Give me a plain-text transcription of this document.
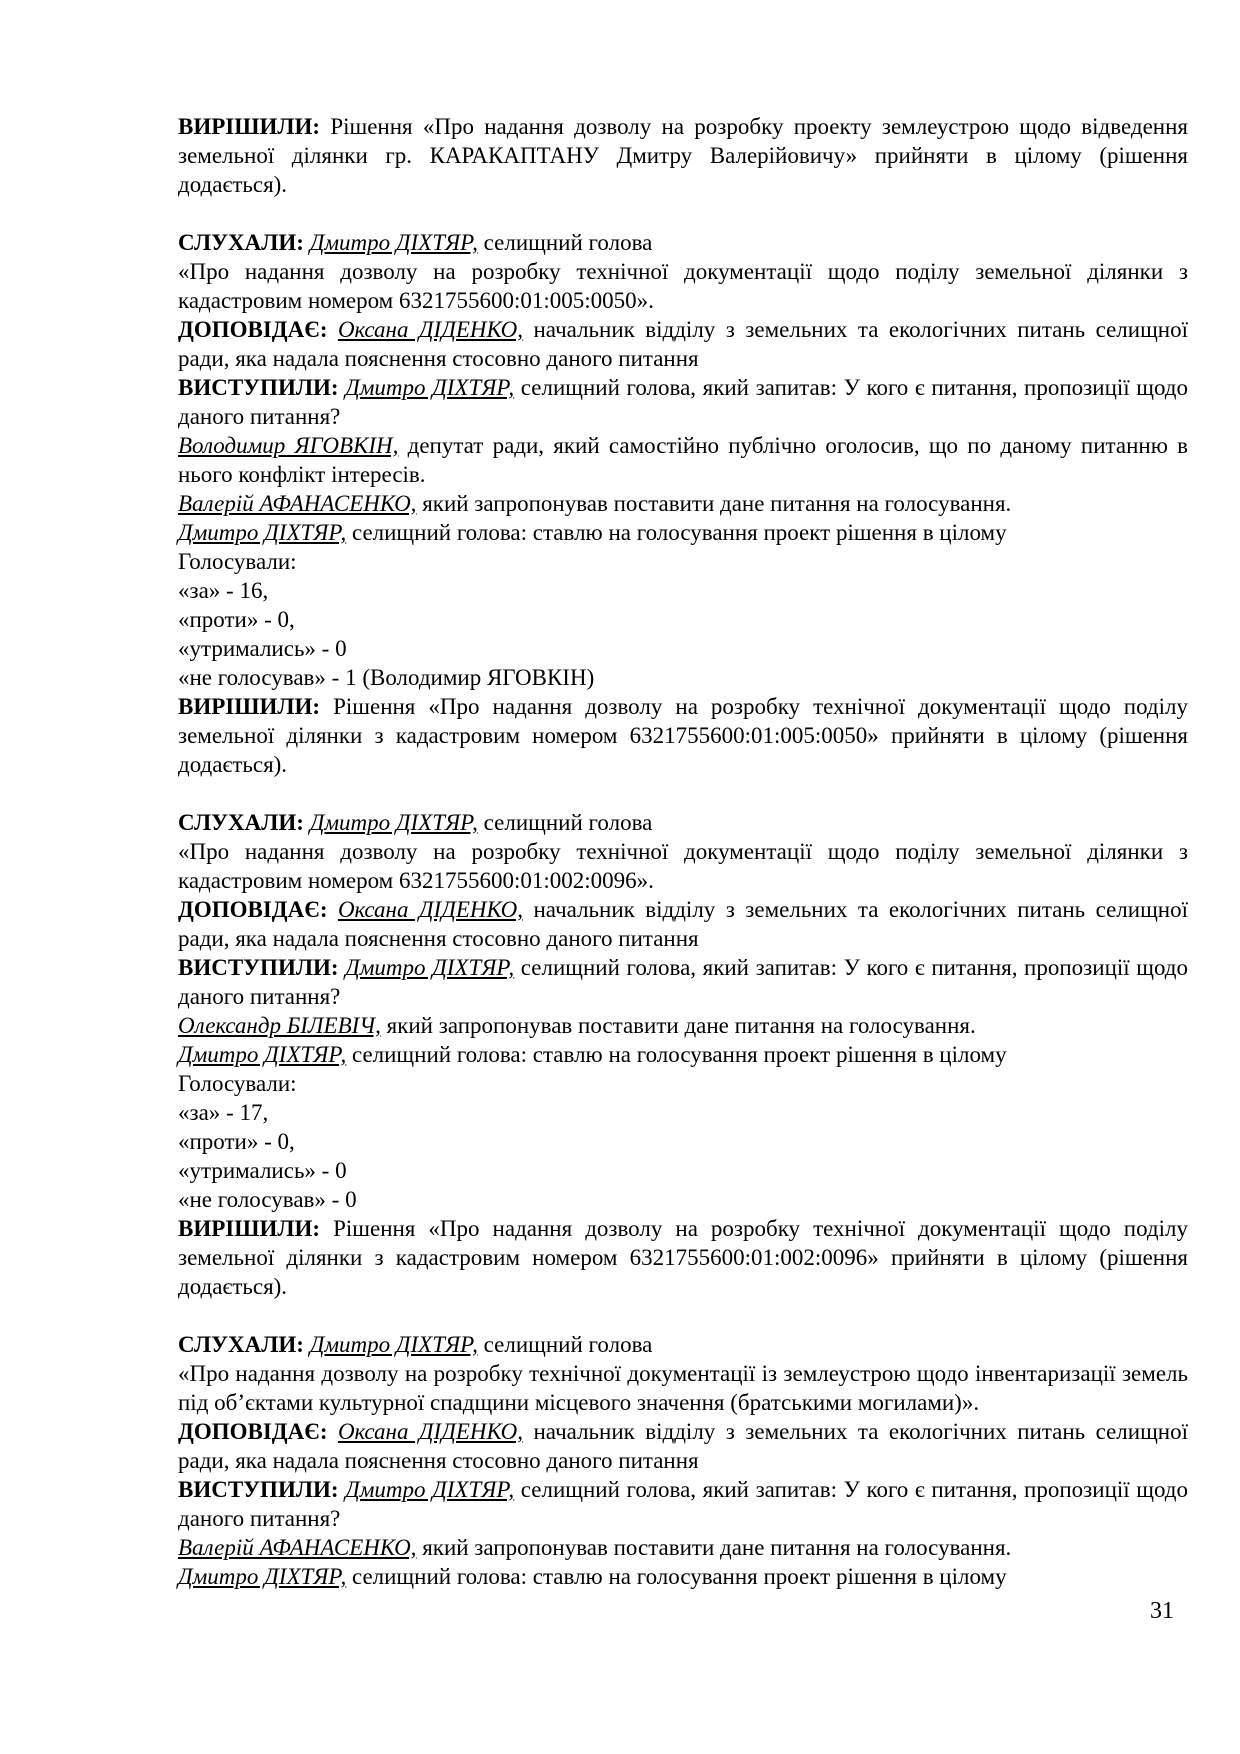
ВИРІШИЛИ: Рішення «Про надання дозволу на розробку проекту землеустрою щодо відведення земельної ділянки гр. КАРАКАПТАНУ Дмитру Валерійовичу» прийняти в цілому (рішення додається).

СЛУХАЛИ: Дмитро ДІХТЯР, селищний голова

«Про надання дозволу на розробку технічної документації щодо поділу земельної ділянки з кадастровим номером 6321755600:01:005:0050».

ДОПОВІДАЄ: Оксана ДІДЕНКО, начальник відділу з земельних та екологічних питань селищної ради, яка надала пояснення стосовно даного питання

ВИСТУПИЛИ: Дмитро ДІХТЯР, селищний голова, який запитав: У кого є питання, пропозиції щодо даного питання?

Володимир ЯГОВКІН, депутат ради, який самостійно публічно оголосив, що по даному питанню в нього конфлікт інтересів.

Валерій АФАНАСЕНКО, який запропонував поставити дане питання на голосування.

Дмитро ДІХТЯР, селищний голова: ставлю на голосування проект рішення в цілому

Голосували:

«за» - 16,

«проти» - 0,

«утримались» - 0

«не голосував» - 1 (Володимир ЯГОВКІН)

ВИРІШИЛИ: Рішення «Про надання дозволу на розробку технічної документації щодо поділу земельної ділянки з кадастровим номером 6321755600:01:005:0050» прийняти в цілому (рішення додається).

СЛУХАЛИ: Дмитро ДІХТЯР, селищний голова

«Про надання дозволу на розробку технічної документації щодо поділу земельної ділянки з кадастровим номером 6321755600:01:002:0096».

ДОПОВІДАЄ: Оксана ДІДЕНКО, начальник відділу з земельних та екологічних питань селищної ради, яка надала пояснення стосовно даного питання

ВИСТУПИЛИ: Дмитро ДІХТЯР, селищний голова, який запитав: У кого є питання, пропозиції щодо даного питання?

Олександр БІЛЕВІЧ, який запропонував поставити дане питання на голосування.

Дмитро ДІХТЯР, селищний голова: ставлю на голосування проект рішення в цілому

Голосували:

«за» - 17,

«проти» - 0,

«утримались» - 0

«не голосував» - 0

ВИРІШИЛИ: Рішення «Про надання дозволу на розробку технічної документації щодо поділу земельної ділянки з кадастровим номером 6321755600:01:002:0096» прийняти в цілому (рішення додається).

СЛУХАЛИ: Дмитро ДІХТЯР, селищний голова

«Про надання дозволу на розробку технічної документації із землеустрою щодо інвентаризації земель під об’єктами культурної спадщини місцевого значення (братськими могилами)».

ДОПОВІДАЄ: Оксана ДІДЕНКО, начальник відділу з земельних та екологічних питань селищної ради, яка надала пояснення стосовно даного питання

ВИСТУПИЛИ: Дмитро ДІХТЯР, селищний голова, який запитав: У кого є питання, пропозиції щодо даного питання?

Валерій АФАНАСЕНКО, який запропонував поставити дане питання на голосування.

Дмитро ДІХТЯР, селищний голова: ставлю на голосування проект рішення в цілому

31
